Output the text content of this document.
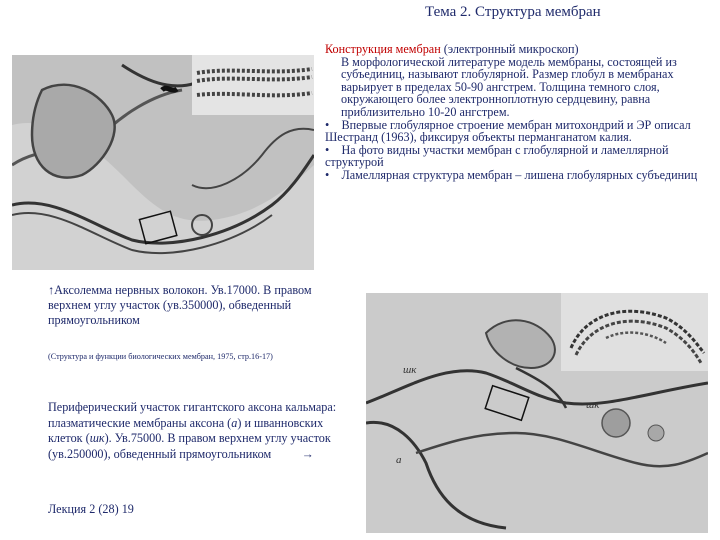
Тема 2. Структура мембран

Конструкция мембран (электронный микроскоп)

В морфологической литературе модель мембраны, состоящей из субъединиц, называют глобулярной. Размер глобул в мембранах варьирует в пределах 50-90 ангстрем. Толщина темного слоя, окружающего более электронноплотную сердцевину, равна приблизительно 10-20 ангстрем.

• Впервые глобулярное строение мембран митохондрий и ЭР описал Шестранд (1963), фиксируя объекты перманганатом калия.

• На фото видны участки мембран с глобулярной и ламеллярной структурой

• Ламеллярная структура мембран – лишена глобулярных субъединиц

↑Аксолемма нервных волокон. Ув.17000. В правом верхнем углу участок (ув.350000), обведенный прямоугольником
(Структура и функции биологических мембран, 1975, стр.16-17)
Периферический участок гигантского аксона кальмара: плазматические мембраны аксона (а) и шванновских клеток (шк). Ув.75000. В правом верхнем углу участок (ув.250000), обведенный прямоугольником →
Лекция 2 (28) 19
шк
шк
а
